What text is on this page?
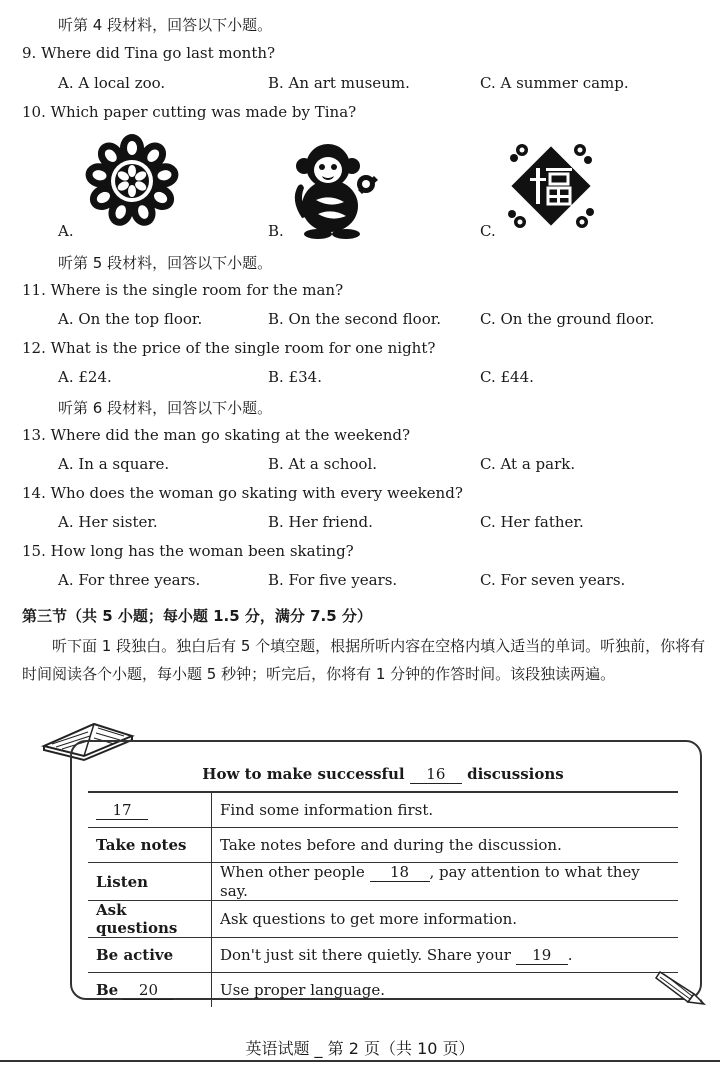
听第 4 段材料，回答以下小题。
9. Where did Tina go last month?
A. A local zoo.	B. An art museum.	C. A summer camp.
10. Which paper cutting was made by Tina?
A.	B.	C.
听第 5 段材料，回答以下小题。
11. Where is the single room for the man?
A. On the top floor.	B. On the second floor.	C. On the ground floor.
12. What is the price of the single room for one night?
A. £24.	B. £34.	C. £44.
听第 6 段材料，回答以下小题。
13. Where did the man go skating at the weekend?
A. In a square.	B. At a school.	C. At a park.
14. Who does the woman go skating with every weekend?
A. Her sister.	B. Her friend.	C. Her father.
15. How long has the woman been skating?
A. For three years.	B. For five years.	C. For seven years.
第三节（共 5 小题；每小题 1.5 分，满分 7.5 分）
听下面 1 段独白。独白后有 5 个填空题，根据所听内容在空格内填入适当的单词。听独前，你将有时间阅读各个小题，每小题 5 秒钟；听完后，你将有 1 分钟的作答时间。该段独读两遍。
How to make successful 16 discussions	
17	Find some information first.
Take notes	Take notes before and during the discussion.
Listen	When other people 18 , pay attention to what they say.
Ask questions	Ask questions to get more information.
Be active	Don't just sit there quietly. Share your 19 .
Be 20	Use proper language.
英语试题 _ 第 2 页（共 10 页）
